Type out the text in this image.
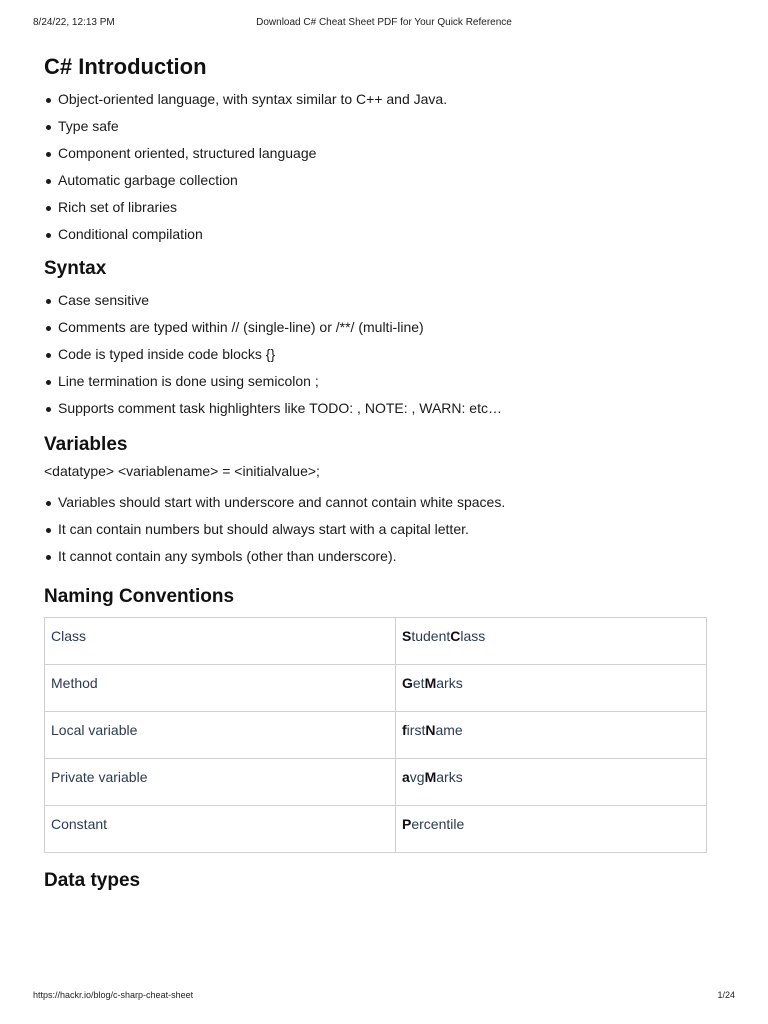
8/24/22, 12:13 PM	Download C# Cheat Sheet PDF for Your Quick Reference
C# Introduction
Object-oriented language, with syntax similar to C++ and Java.
Type safe
Component oriented, structured language
Automatic garbage collection
Rich set of libraries
Conditional compilation
Syntax
Case sensitive
Comments are typed within // (single-line) or /**/ (multi-line)
Code is typed inside code blocks {}
Line termination is done using semicolon ;
Supports comment task highlighters like TODO: , NOTE: , WARN: etc…
Variables

<datatype> <variablename> = <initialvalue>;

Variables should start with underscore and cannot contain white spaces.
It can contain numbers but should always start with a capital letter.
It cannot contain any symbols (other than underscore).
Naming Conventions
Class	StudentClass
Method	GetMarks
Local variable	firstName
Private variable	avgMarks
Constant	Percentile
Data types
https://hackr.io/blog/c-sharp-cheat-sheet	1/24
